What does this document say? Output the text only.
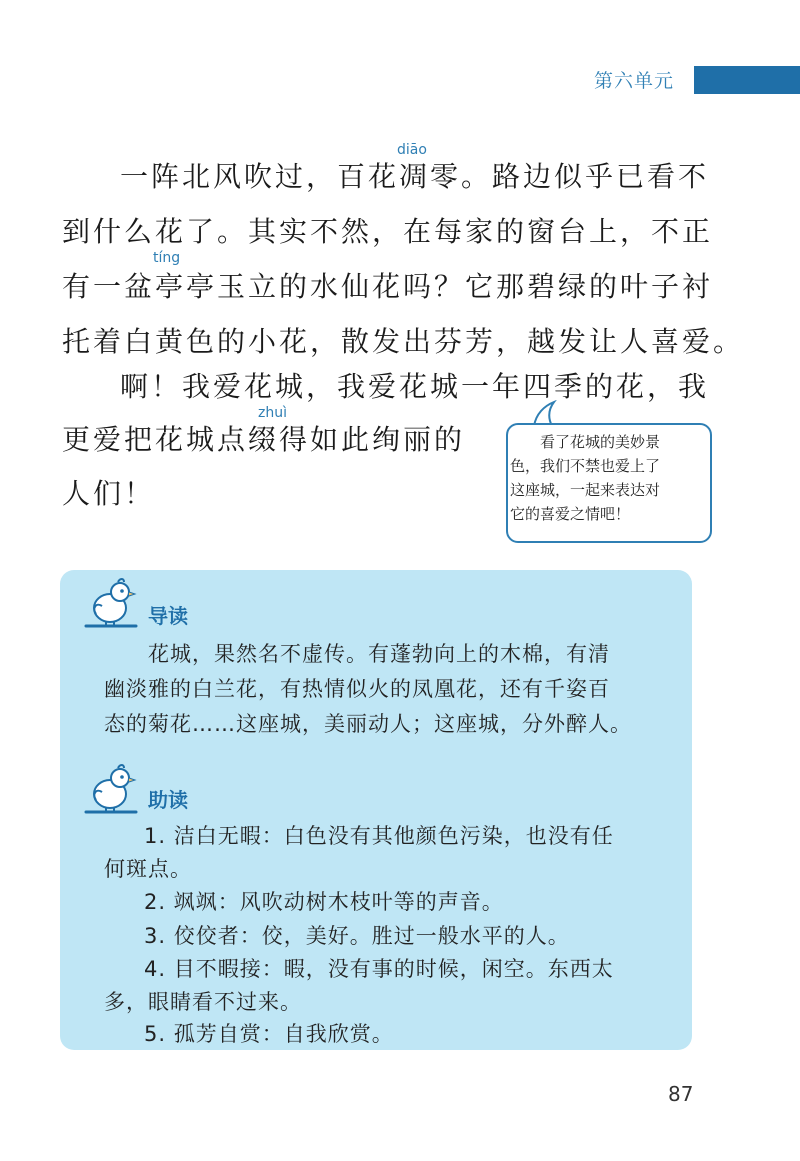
第六单元
diāo
tíng
zhuì
一阵北风吹过，百花凋零。路边似乎已看不
到什么花了。其实不然，在每家的窗台上，不正
有一盆亭亭玉立的水仙花吗？它那碧绿的叶子衬
托着白黄色的小花，散发出芬芳，越发让人喜爱。
啊！我爱花城，我爱花城一年四季的花，我
更爱把花城点缀得如此绚丽的
人们！
看了花城的美妙景
色，我们不禁也爱上了
这座城，一起来表达对
它的喜爱之情吧！
导读
花城，果然名不虚传。有蓬勃向上的木棉，有清
幽淡雅的白兰花，有热情似火的凤凰花，还有千姿百
态的菊花……这座城，美丽动人；这座城，分外醉人。
助读
1. 洁白无暇：白色没有其他颜色污染，也没有任
何斑点。
2. 飒飒：风吹动树木枝叶等的声音。
3. 佼佼者：佼，美好。胜过一般水平的人。
4. 目不暇接：暇，没有事的时候，闲空。东西太
多，眼睛看不过来。
5. 孤芳自赏：自我欣赏。
87
